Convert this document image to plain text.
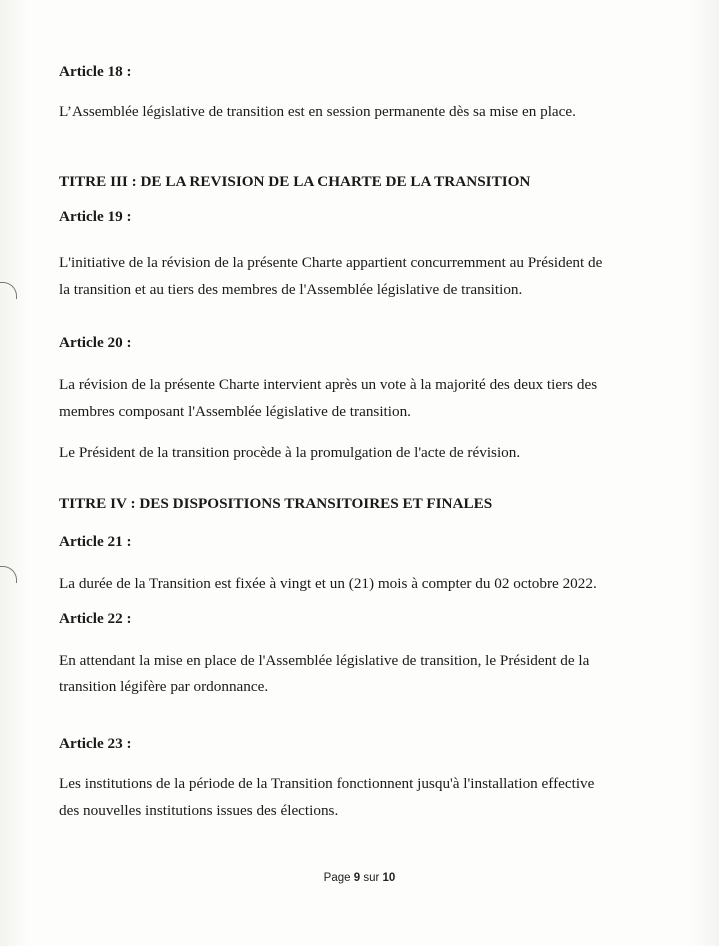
Article 18 :
L’Assemblée législative de transition est en session permanente dès sa mise en place.
TITRE III : DE LA REVISION DE LA CHARTE DE LA TRANSITION
Article 19 :
L'initiative de la révision de la présente Charte appartient concurremment au Président de
la transition et au tiers des membres de l'Assemblée législative de transition.
Article 20 :
La révision de la présente Charte intervient après un vote à la majorité des deux tiers des
membres composant l'Assemblée législative de transition.
Le Président de la transition procède à la promulgation de l'acte de révision.
TITRE IV : DES DISPOSITIONS TRANSITOIRES ET FINALES
Article 21 :
La durée de la Transition est fixée à vingt et un (21) mois à compter du 02 octobre 2022.
Article 22 :
En attendant la mise en place de l'Assemblée législative de transition, le Président de la
transition légifère par ordonnance.
Article 23 :
Les institutions de la période de la Transition fonctionnent jusqu'à l'installation effective
des nouvelles institutions issues des élections.
Page 9 sur 10
